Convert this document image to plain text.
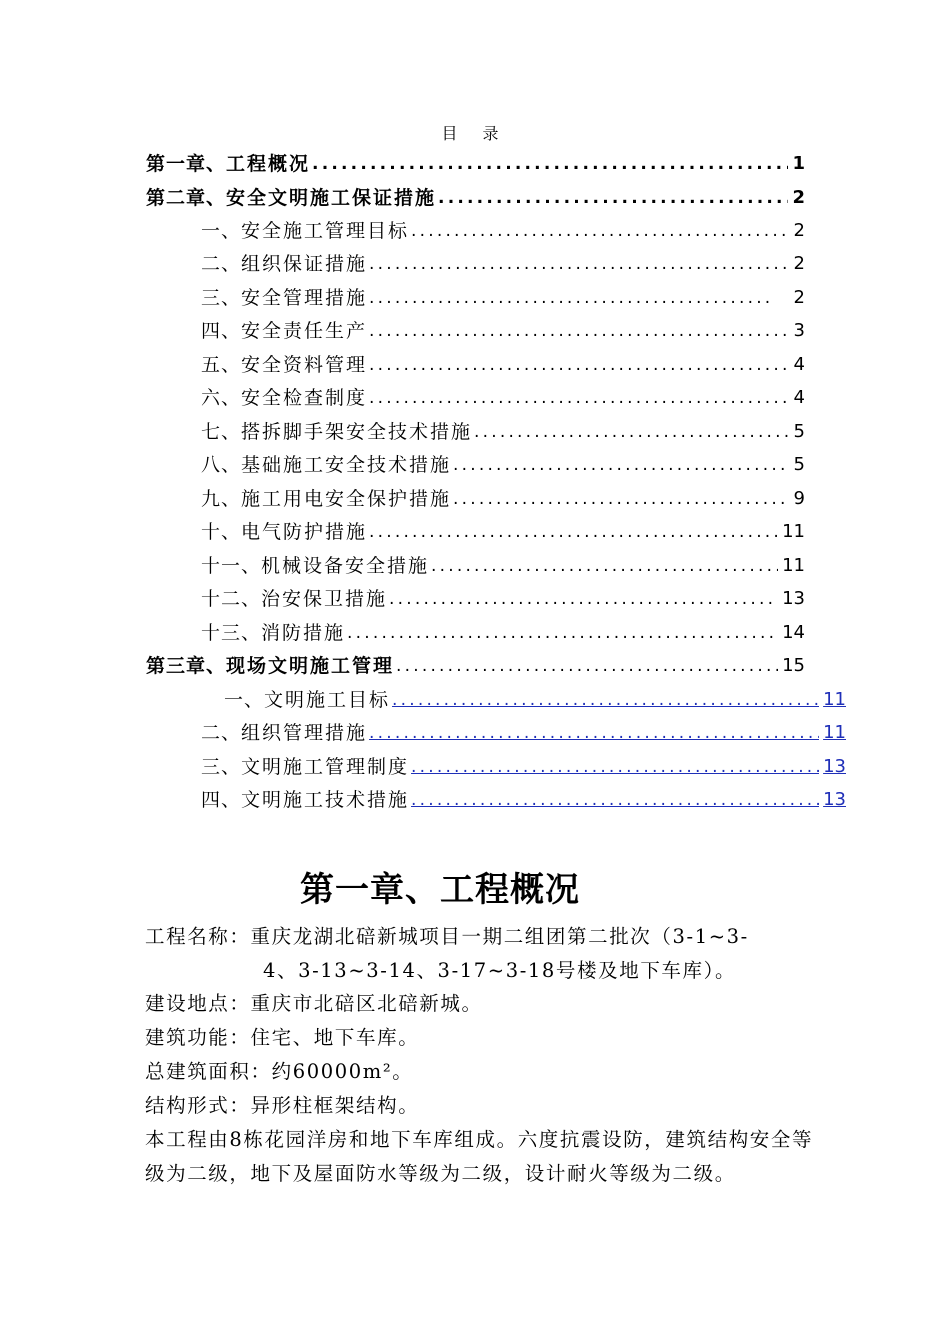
目 录
第一章、 工程概况 .....	1
第二章、 安全文明施工保证措施 .....	2
一、 安全施工管理目标 .....	2
二、 组织保证措施 .....	2
三、 安全管理措施 .....	2
四、 安全责任生产 .....	3
五、 安全资料管理 .....	4
六、 安全检查制度 .....	4
七、 搭拆脚手架安全技术措施 .....	5
八、 基础施工安全技术措施 .....	5
九、 施工用电安全保护措施 .....	9
十、 电气防护措施 .....	11
十一、 机械设备安全措施 .....	11
十二、 治安保卫措施 .....	13
十三、 消防措施 .....	14
第三章、 现场文明施工管理 .....	15
一、 文明施工目标 .....	11
二、 组织管理措施 .....	11
三、 文明施工管理制度 .....	13
四、 文明施工技术措施 .....	13
第一章、工程概况
工程名称：重庆龙湖北碚新城项目一期二组团第二批次（3-1~3-
4、3-13~3-14、3-17~3-18号楼及地下车库）。
建设地点：重庆市北碚区北碚新城。
建筑功能：住宅、地下车库。
总建筑面积：约60000m²。
结构形式：异形柱框架结构。
本工程由8栋花园洋房和地下车库组成。六度抗震设防，建筑结构安全等级为二级，地下及屋面防水等级为二级，设计耐火等级为二级。
